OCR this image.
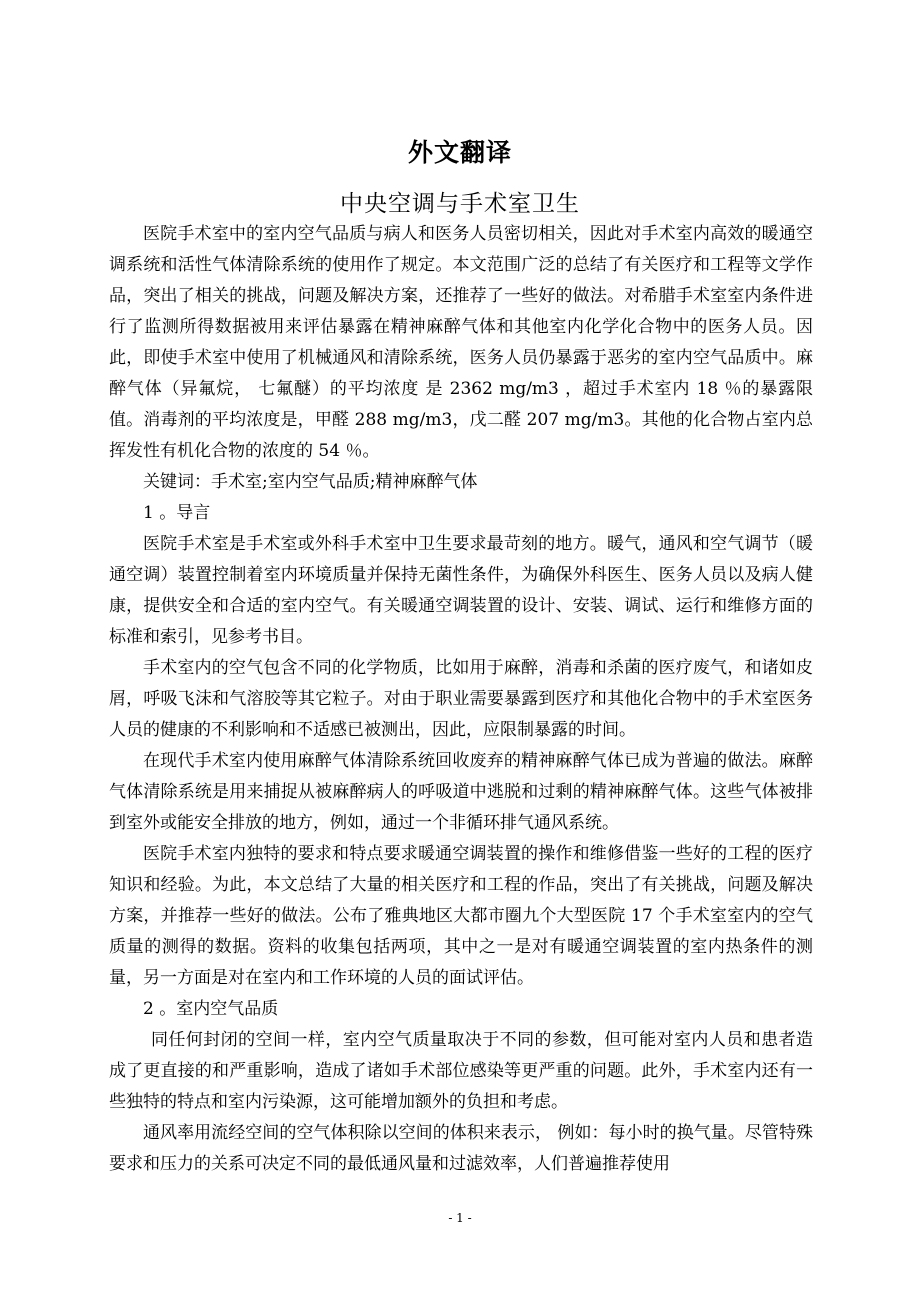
外文翻译
中央空调与手术室卫生

医院手术室中的室内空气品质与病人和医务人员密切相关，因此对手术室内高效的暖通空调系统和活性气体清除系统的使用作了规定。本文范围广泛的总结了有关医疗和工程等文学作品，突出了相关的挑战，问题及解决方案，还推荐了一些好的做法。对希腊手术室室内条件进行了监测所得数据被用来评估暴露在精神麻醉气体和其他室内化学化合物中的医务人员。因此，即使手术室中使用了机械通风和清除系统，医务人员仍暴露于恶劣的室内空气品质中。麻醉气体（异氟烷， 七氟醚）的平均浓度 是 2362 mg/m3 ，超过手术室内 18 ％的暴露限值。消毒剂的平均浓度是，甲醛 288 mg/m3，戊二醛 207 mg/m3。其他的化合物占室内总挥发性有机化合物的浓度的 54 ％。

关键词：手术室;室内空气品质;精神麻醉气体

1 。导言

医院手术室是手术室或外科手术室中卫生要求最苛刻的地方。暖气，通风和空气调节（暖通空调）装置控制着室内环境质量并保持无菌性条件，为确保外科医生、医务人员以及病人健康，提供安全和合适的室内空气。有关暖通空调装置的设计、安装、调试、运行和维修方面的标准和索引，见参考书目。

手术室内的空气包含不同的化学物质，比如用于麻醉，消毒和杀菌的医疗废气，和诸如皮屑，呼吸飞沫和气溶胶等其它粒子。对由于职业需要暴露到医疗和其他化合物中的手术室医务人员的健康的不利影响和不适感已被测出，因此，应限制暴露的时间。

在现代手术室内使用麻醉气体清除系统回收废弃的精神麻醉气体已成为普遍的做法。麻醉气体清除系统是用来捕捉从被麻醉病人的呼吸道中逃脱和过剩的精神麻醉气体。这些气体被排到室外或能安全排放的地方，例如，通过一个非循环排气通风系统。

医院手术室内独特的要求和特点要求暖通空调装置的操作和维修借鉴一些好的工程的医疗知识和经验。为此，本文总结了大量的相关医疗和工程的作品，突出了有关挑战，问题及解决方案，并推荐一些好的做法。公布了雅典地区大都市圈九个大型医院 17 个手术室室内的空气质量的测得的数据。资料的收集包括两项，其中之一是对有暖通空调装置的室内热条件的测量，另一方面是对在室内和工作环境的人员的面试评估。

2 。室内空气品质

同任何封闭的空间一样，室内空气质量取决于不同的参数，但可能对室内人员和患者造成了更直接的和严重影响，造成了诸如手术部位感染等更严重的问题。此外，手术室内还有一些独特的特点和室内污染源，这可能增加额外的负担和考虑。

通风率用流经空间的空气体积除以空间的体积来表示， 例如：每小时的换气量。尽管特殊要求和压力的关系可决定不同的最低通风量和过滤效率，人们普遍推荐使用

- 1 -
